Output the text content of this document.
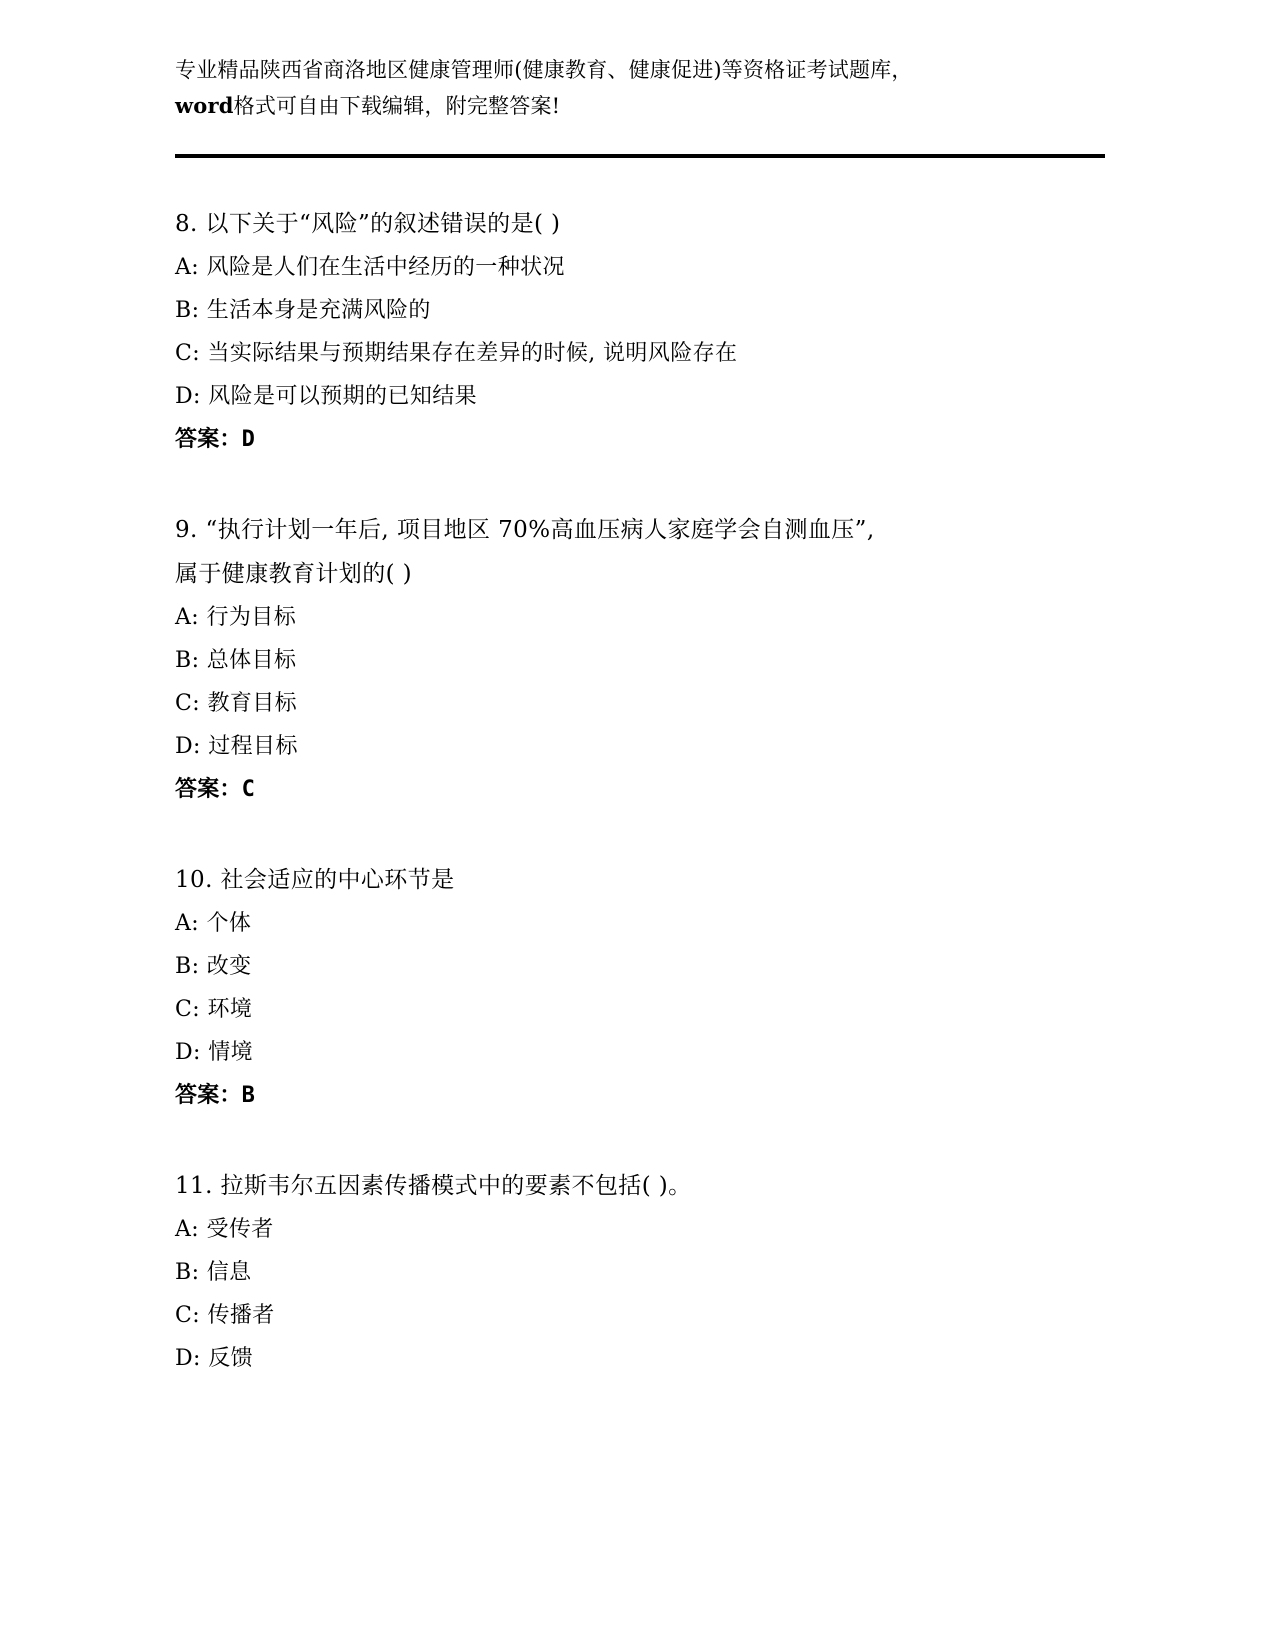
专业精品陕西省商洛地区健康管理师(健康教育、健康促进)等资格证考试题库，
word格式可自由下载编辑，附完整答案!
8. 以下关于“风险”的叙述错误的是( )
A: 风险是人们在生活中经历的一种状况
B: 生活本身是充满风险的
C: 当实际结果与预期结果存在差异的时候, 说明风险存在
D: 风险是可以预期的已知结果
答案：D
9. “执行计划一年后, 项目地区 70%高血压病人家庭学会自测血压”,
属于健康教育计划的( )
A: 行为目标
B: 总体目标
C: 教育目标
D: 过程目标
答案：C
10. 社会适应的中心环节是
A: 个体
B: 改变
C: 环境
D: 情境
答案：B
11. 拉斯韦尔五因素传播模式中的要素不包括( )。
A: 受传者
B: 信息
C: 传播者
D: 反馈
